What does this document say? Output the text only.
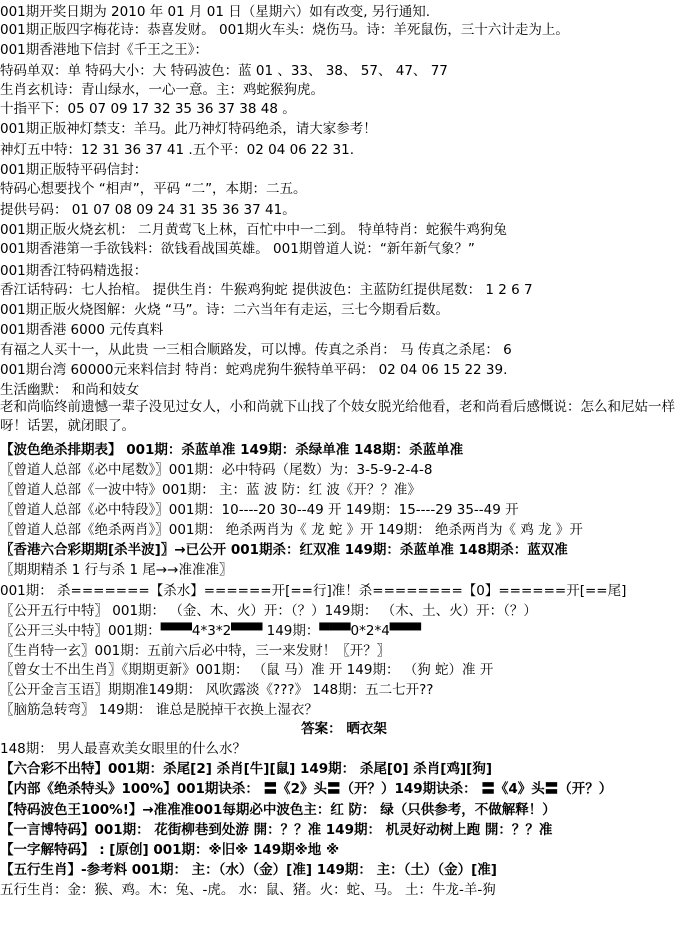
001期开奖日期为 2010 年 01 月 01 日（星期六）如有改变, 另行通知.
001期正版四字梅花诗：恭喜发财。 001期火车头：烧伤马。诗：羊死鼠伤，三十六计走为上。
001期香港地下信封《千王之王》：
特码单双：单 特码大小：大 特码波色：蓝 01 、33、 38、 57、 47、 77
生肖玄机诗：青山绿水，一心一意。主：鸡蛇猴狗虎。
十指平下：05 07 09 17 32 35 36 37 38 48 。
001期正版神灯禁支：羊马。此乃神灯特码绝杀，请大家参考！
神灯五中特：12 31 36 37 41 .五个平：02 04 06 22 31.
001期正版特平码信封：
特码心想要找个 “相声”，平码 “二”，本期：二五。
提供号码： 01 07 08 09 24 31 35 36 37 41。
001期正版火烧玄机： 二月黄莺飞上林，百忙中中一二到。 特单特肖：蛇猴牛鸡狗兔
001期香港第一手欲钱料：欲钱看战国英雄。 001期曾道人说：“新年新气象？”
001期香江特码精选报：
香江话特码：七人抬棺。 提供生肖：牛猴鸡狗蛇 提供波色：主蓝防红提供尾数： 1 2 6 7
001期正版火烧图解：火烧 “马”。诗：二六当年有走运，三七今期看后数。
001期香港 6000 元传真料
有福之人买十一，从此贵 一三相合顺路发，可以博。传真之杀肖： 马 传真之杀尾： 6
001期台湾 60000元来料信封 特肖：蛇鸡虎狗牛猴特单平码： 02 04 06 15 22 39.
生活幽默： 和尚和妓女
老和尚临终前遗憾一辈子没见过女人，小和尚就下山找了个妓女脱光给他看，老和尚看后感慨说：怎么和尼姑一样呀！话罢，就闭眼了。
【波色绝杀排期表】 001期：杀蓝单准 149期：杀绿单准 148期：杀蓝单准
〖曾道人总部《必中尾数》〗001期：必中特码（尾数）为：3-5-9-2-4-8
〖曾道人总部《一波中特》001期： 主：蓝 波 防：红 波《开？？准》
〖曾道人总部《必中特段》〗001期：10----20 30--49 开 149期：15----29 35--49 开
〖曾道人总部《绝杀两肖》〗001期： 绝杀两肖为《 龙 蛇 》开 149期： 绝杀两肖为《 鸡 龙 》开
〖香港六合彩期期[杀半波]〗→已公开 001期杀：红双准 149期：杀蓝单准 148期杀：蓝双准
〖期期精杀 1 行与杀 1 尾→→准准准〗
001期： 杀=======【杀水】======开[==行]准！杀========【0】======开[==尾]
〖公开五行中特〗 001期： （金、木、火）开：（？）149期： （木、土、火）开：（？）
〖公开三头中特〗001期：▀▀▀4*3*2▀▀▀ 149期：▀▀▀0*2*4▀▀▀
〖生肖特一玄〗001期：五前六后必中特，三一来发财！〖开？〗
〖曾女士不出生肖〗《期期更新》001期： （鼠 马）准 开 149期： （狗 蛇）准 开
〖公开金言玉语〗期期准149期： 风吹露淡《???》 148期：五二七开??
〖脑筋急转弯〗 149期： 谁总是脱掉干衣换上湿衣？
答案： 晒衣架
148期： 男人最喜欢美女眼里的什么水？
【六合彩不出特】001期：杀尾[2] 杀肖[牛][鼠] 149期： 杀尾[0] 杀肖[鸡][狗]
【内部《绝杀特头》100%】001期诀杀： 〓《2》头〓（开？）149期诀杀： 〓《4》头〓（开？）
【特码波色王100%!】→准准准001每期必中波色主：红 防： 绿（只供参考，不做解释！）
【一言博特码】001期： 花街柳巷到处游 開：？？准 149期： 机灵好动树上跑 開：？？准
【一字解特码】 : [原创] 001期：※旧※ 149期※地 ※
【五行生肖】-参考料 001期： 主：（水）（金）[准] 149期： 主：（土）（金）[准]
五行生肖：金：猴、鸡。木：兔、-虎。 水：鼠、猪。火：蛇、马。 土：牛龙-羊-狗
